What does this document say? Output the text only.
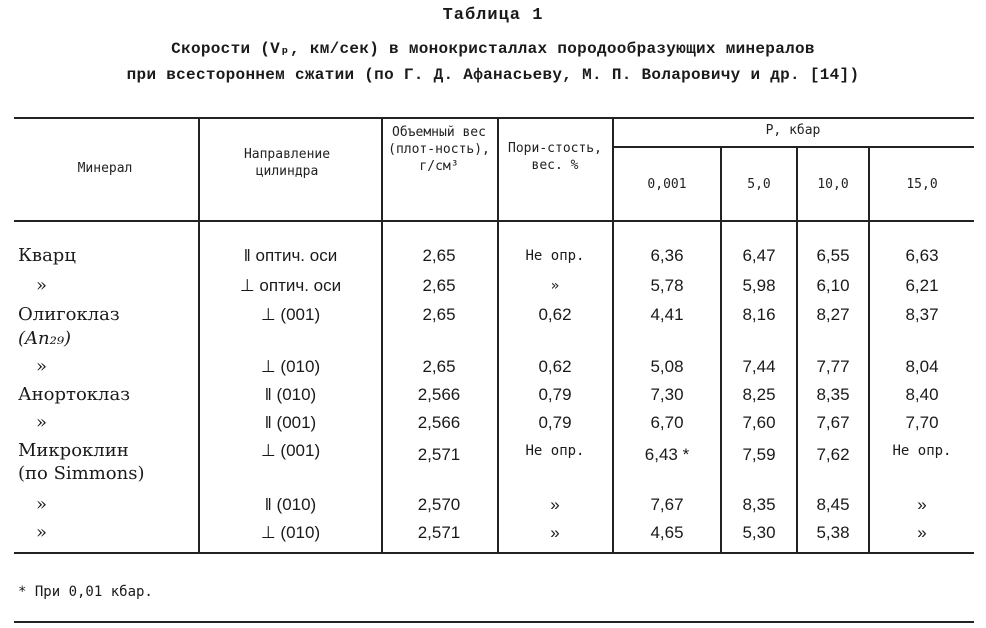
Таблица 1
Скороcти (Vₚ, км/сек) в монокристаллах породообразующих минералов
при всестороннем сжатии (по Г. Д. Афанасьеву, М. П. Воларовичу и др. [14])
Минерал
Направление цилиндра
Объемный вес (плот-ность), г/см³
Пори-стость, вес. %
P, кбар
0,001	5,0	10,0	15,0
Кварц	‖ оптич. оси	2,65	Не опр.	6,36	6,47	6,55	6,63
»	⊥ оптич. оси	2,65	»	5,78	5,98	6,10	6,21
Олигоклаз
(An₂₉)
⊥ (001)	2,65	0,62	4,41	8,16	8,27	8,37
»	⊥ (010)	2,65	0,62	5,08	7,44	7,77	8,04
Анортоклаз	‖ (010)	2,566	0,79	7,30	8,25	8,35	8,40
»	‖ (001)	2,566	0,79	6,70	7,60	7,67	7,70
Микроклин
(по Simmons)
⊥ (001)	2,571	Не опр.	6,43 *	7,59	7,62	Не опр.
»	‖ (010)	2,570	»	7,67	8,35	8,45	»
»	⊥ (010)	2,571	»	4,65	5,30	5,38	»
* При 0,01 кбар.
